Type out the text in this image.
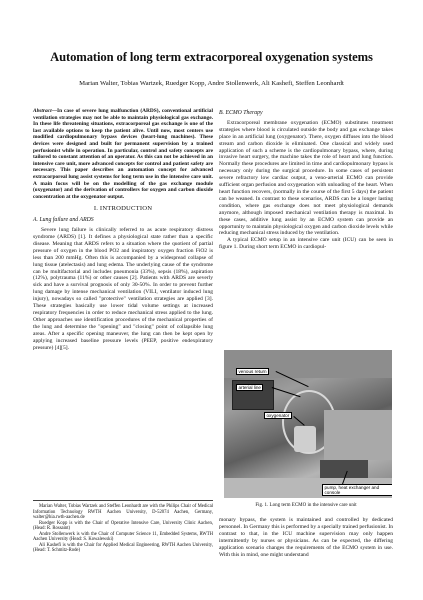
Automation of long term extracorporeal oxygenation systems
Marian Walter, Tobias Wartzek, Ruedger Kopp, Andre Stollenwerk, Ali Kashefi, Steffen Leonhardt

Abstract—In case of severe lung malfunction (ARDS), conventional artificial ventilation strategies may not be able to maintain physiological gas exchange. In these life threatening situations, extracorporeal gas exchange is one of the last available options to keep the patient alive. Until now, most centers use modified cardiopulmonary bypass devices (heart-lung machines). These devices were designed and built for permanent supervision by a trained perfusionist while in operation. In particular, control and safety concepts are tailored to constant attention of an operator. As this can not be achieved in an intensive care unit, more advanced concepts for control and patient safety are necessary. This paper describes an automation concept for advanced extracorporeal lung assist systems for long term use in the intensive care unit. A main focus will be on the modelling of the gas exchange module (oxygenator) and the derivation of controllers for oxygen and carbon dioxide concentration at the oxygenator output.

I. INTRODUCTION
A. Lung failure and ARDS

Severe lung failure is clinically referred to as acute respiratory distress syndrome (ARDS) [1]. It defines a physiological state rather than a specific disease. Meaning that ARDS refers to a situation where the quotient of partial pressure of oxygen in the blood PO2 and inspiratory oxygen fraction FiO2 is less than 200 mmHg. Often this is accompanied by a widespread collapse of lung tissue (atelectasis) and lung edema. The underlying cause of the syndrome can be multifactorial and includes pneumonia (33%), sepsis (18%), aspiration (12%), polytrauma (11%) or other causes [2]. Patients with ARDS are severly sick and have a survival prognosis of only 30-50%. In order to prevent further lung damage by intense mechanical ventilation (VILI, ventilator induced lung injury), nowadays so called "protective" ventilation strategies are applied [3]. These strategies basically use lower tidal volume settings at increased respiratory frequencies in order to reduce mechanical stress applied to the lung. Other approaches use identification procedures of the mechanical properties of the lung and determine the "opening" and "closing" point of collapsible lung areas. After a specific opening maneuver, the lung can then be kept open by applying increased baseline pressure levels (PEEP, positive endexpiratory pressure) [4][5].

Marian Walter, Tobias Wartzek and Steffen Leonhardt are with the Philips Chair of Medical Information Technology RWTH Aachen University, D-52074 Aachen, Germany, walter@hia.rwth-aachen.de

Ruedger Kopp is with the Chair of Operative Intensive Care, University Clinic Aachen, (Head: R. Rossaint)

Andre Stollenwerk is with the Chair of Computer Science 11, Embedded Systems, RWTH Aachen University (Head: S. Kowalewski)

Ali Kashefi is with the Chair for Applied Medical Engineering, RWTH Aachen University, (Head: T. Schmitz-Rode)

B. ECMO Therapy

Extracorporeal membrane oxygenation (ECMO) substitutes treatment strategies where blood is circulated outside the body and gas exchange takes place in an artificial lung (oxygenator). There, oxygen diffuses into the blood stream and carbon dioxide is eliminated. One classical and widely used application of such a scheme is the cardiopulmonary bypass, where, during invasive heart surgery, the machine takes the role of heart and lung function. Normally these procedures are limited in time and cardiopulmonary bypass is necessary only during the surgical procedure. In some cases of persistent severe refractory low cardiac output, a veno-arterial ECMO can provide sufficient organ perfusion and oxygenation with unloading of the heart. When heart function recovers, (normally in the course of the first 5 days) the patient can be weaned. In contrast to these scenarios, ARDS can be a longer lasting condition, where gas exchange does not meet physiological demands anymore, although imposed mechanical ventilation therapy is maximal. In these cases, additive lung assist by an ECMO system can provide an opportunity to maintain physiological oxygen and carbon dioxide levels while reducing mechanical stress induced by the ventilation.

A typical ECMO setup in an intensive care unit (ICU) can be seen in figure 1. During short term ECMO in cardiopul-

venous return
arterial line
oxygenator
pump, heat exchanger and console
Fig. 1. Long term ECMO in the intensive care unit

monary bypass, the system is maintained and controlled by dedicated personnel. In Germany this is performed by a specially trained perfusionist. In contrast to that, in the ICU machine supervision may only happen intermittently by nurses or physicians. As can be expected, the differing application scenario changes the requirements of the ECMO system in use. With this in mind, one might understand
